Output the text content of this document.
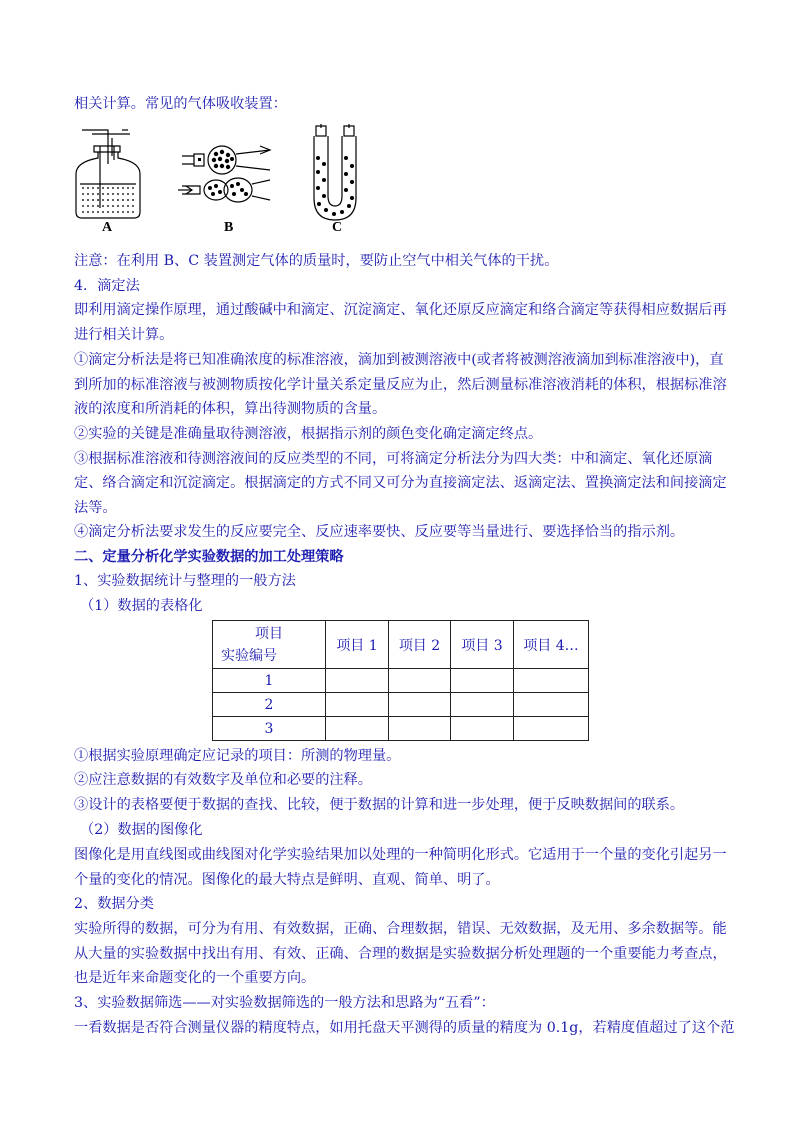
相关计算。常见的气体吸收装置：
A	B	C
注意：在利用 B、C 装置测定气体的质量时，要防止空气中相关气体的干扰。
4．滴定法
即利用滴定操作原理，通过酸碱中和滴定、沉淀滴定、氧化还原反应滴定和络合滴定等获得相应数据后再
进行相关计算。
①滴定分析法是将已知准确浓度的标准溶液，滴加到被测溶液中(或者将被测溶液滴加到标准溶液中)，直
到所加的标准溶液与被测物质按化学计量关系定量反应为止，然后测量标准溶液消耗的体积，根据标准溶
液的浓度和所消耗的体积，算出待测物质的含量。
②实验的关键是准确量取待测溶液，根据指示剂的颜色变化确定滴定终点。
③根据标准溶液和待测溶液间的反应类型的不同，可将滴定分析法分为四大类：中和滴定、氧化还原滴
定、络合滴定和沉淀滴定。根据滴定的方式不同又可分为直接滴定法、返滴定法、置换滴定法和间接滴定
法等。
④滴定分析法要求发生的反应要完全、反应速率要快、反应要等当量进行、要选择恰当的指示剂。
二、定量分析化学实验数据的加工处理策略
1、实验数据统计与整理的一般方法
（1）数据的表格化
项目
实验编号	项目 1	项目 2	项目 3	项目 4…
1				
2				
3				
①根据实验原理确定应记录的项目：所测的物理量。
②应注意数据的有效数字及单位和必要的注释。
③设计的表格要便于数据的查找、比较，便于数据的计算和进一步处理，便于反映数据间的联系。
（2）数据的图像化
图像化是用直线图或曲线图对化学实验结果加以处理的一种简明化形式。它适用于一个量的变化引起另一
个量的变化的情况。图像化的最大特点是鲜明、直观、简单、明了。
2、数据分类
实验所得的数据，可分为有用、有效数据，正确、合理数据，错误、无效数据，及无用、多余数据等。能
从大量的实验数据中找出有用、有效、正确、合理的数据是实验数据分析处理题的一个重要能力考查点，
也是近年来命题变化的一个重要方向。
3、实验数据筛选——对实验数据筛选的一般方法和思路为“五看”：
一看数据是否符合测量仪器的精度特点，如用托盘天平测得的质量的精度为 0.1g，若精度值超过了这个范
